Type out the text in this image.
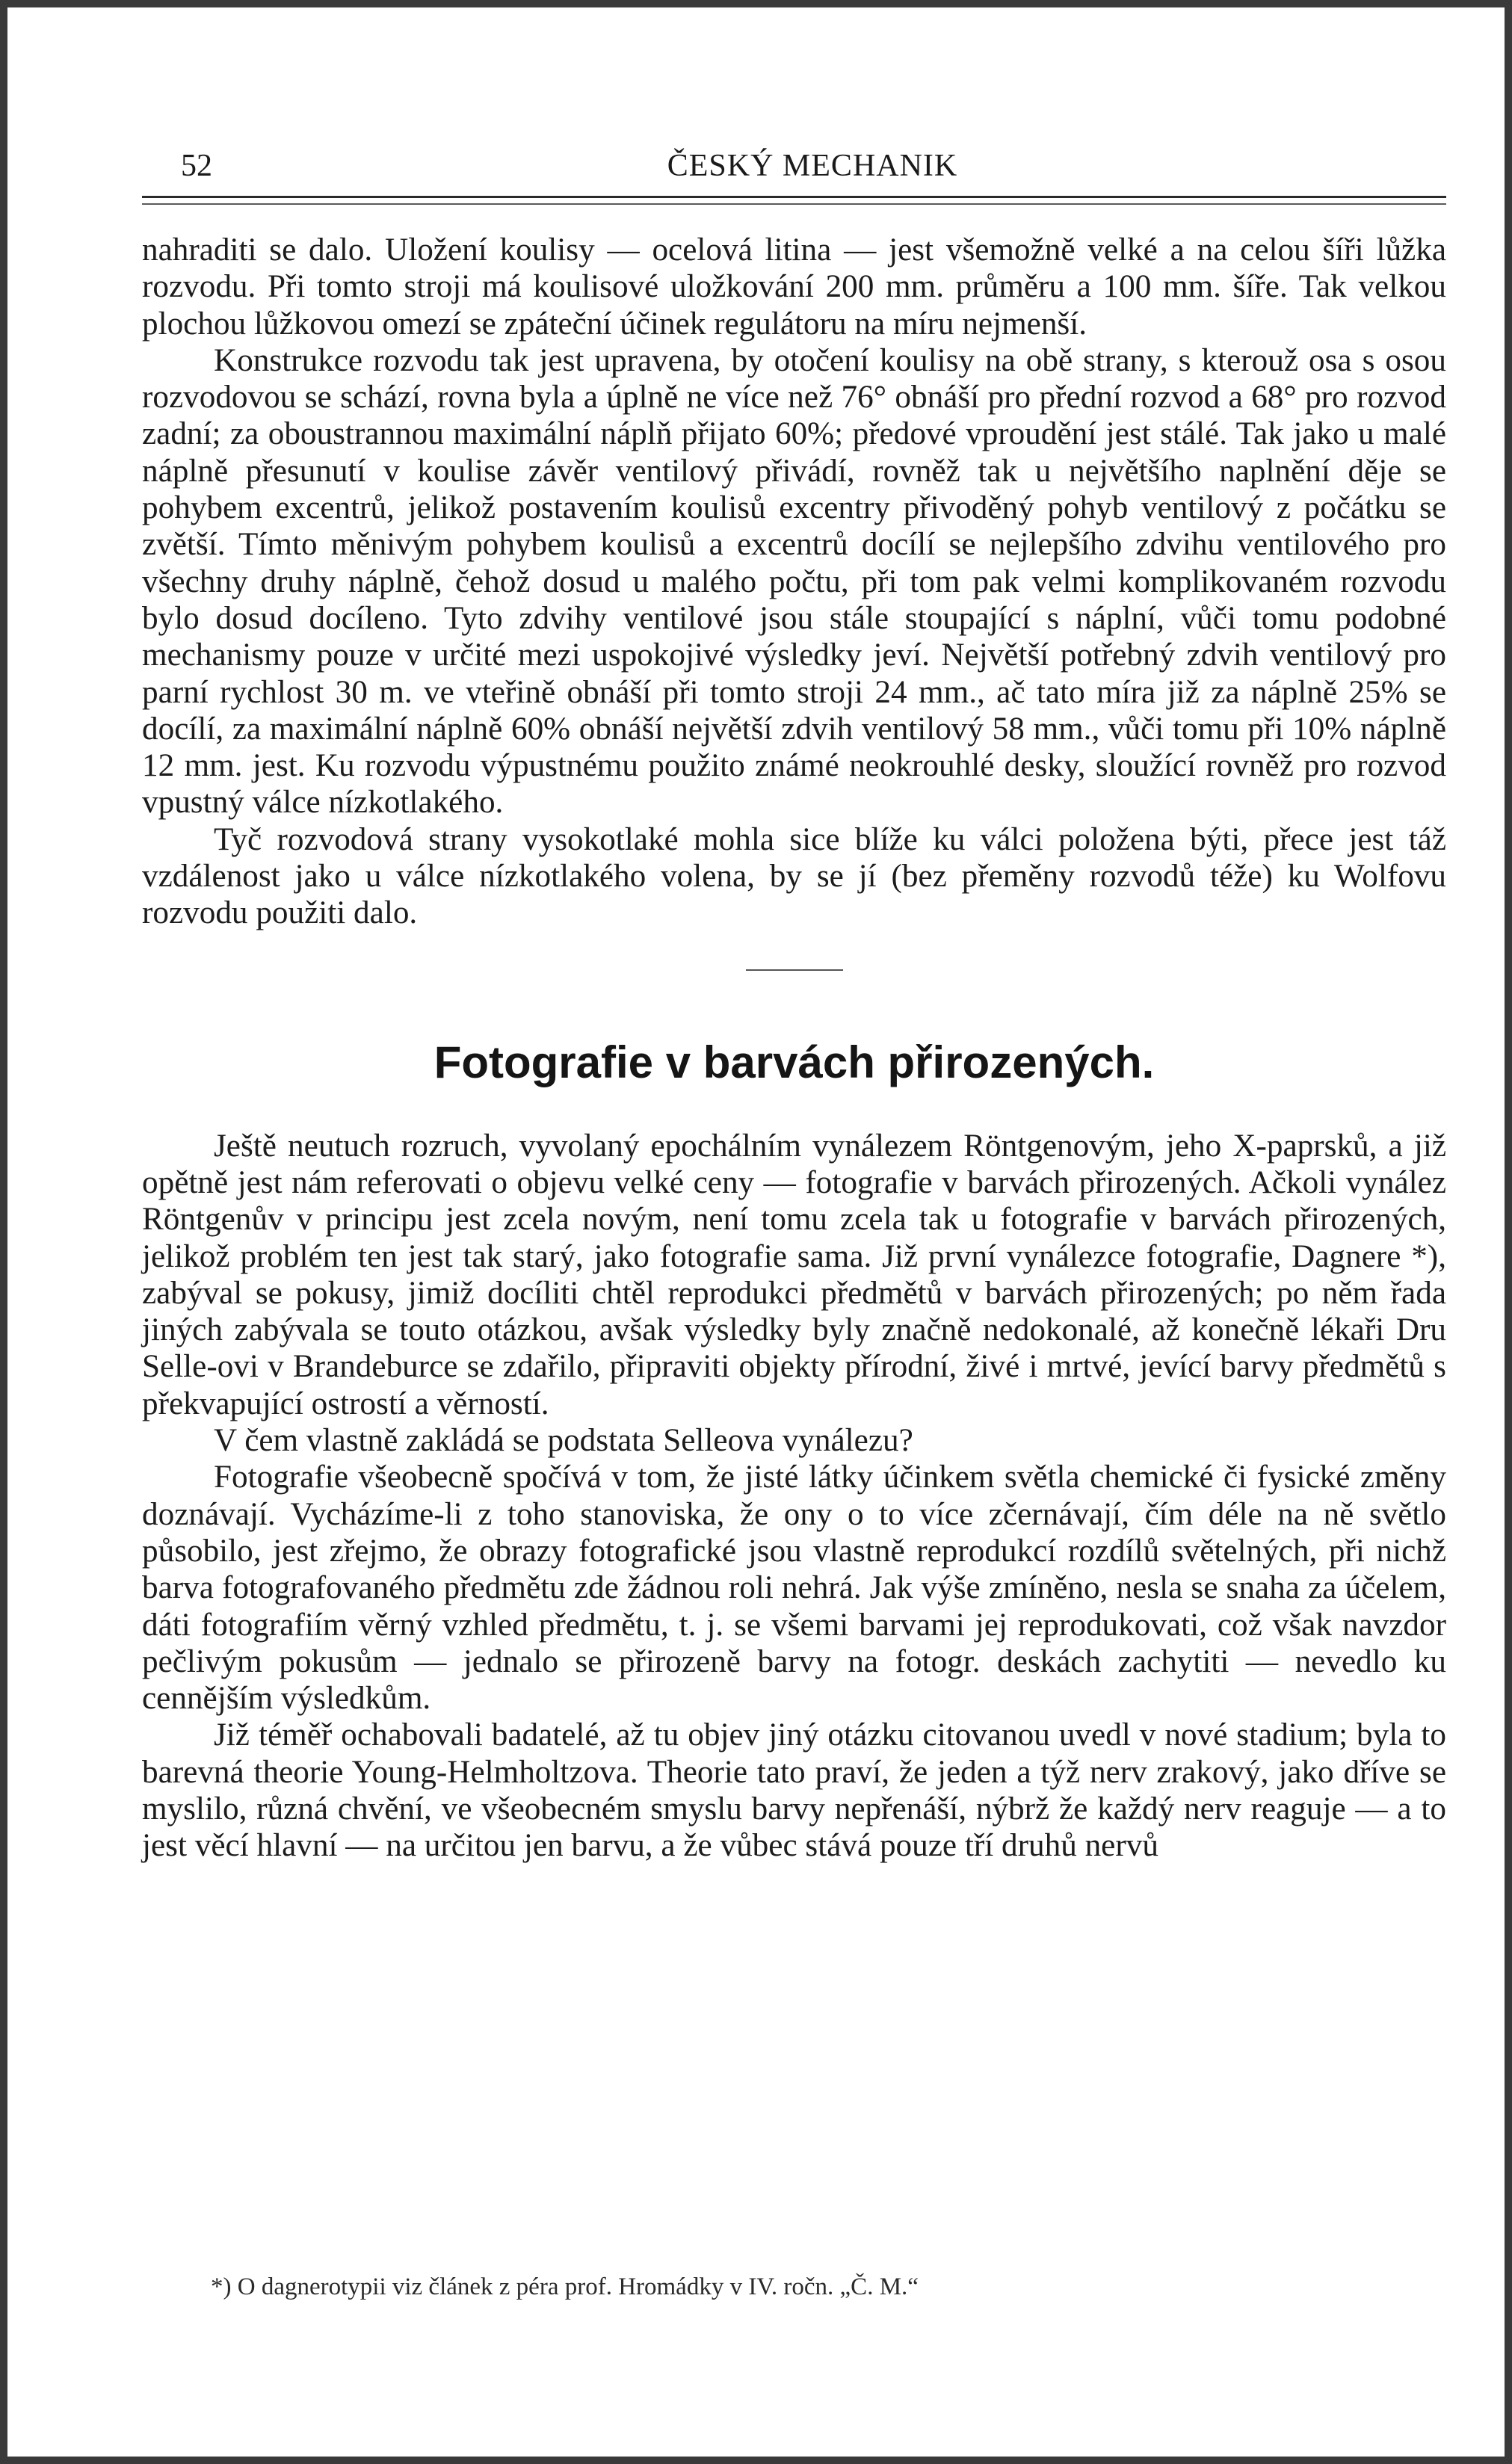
52	ČESKÝ MECHANIK

nahraditi se dalo. Uložení koulisy — ocelová litina — jest všemožně velké a na celou šíři lůžka rozvodu. Při tomto stroji má koulisové uložkování 200 mm. průměru a 100 mm. šíře. Tak velkou plochou lůžkovou omezí se zpáteční účinek regulátoru na míru nejmenší.

Konstrukce rozvodu tak jest upravena, by otočení koulisy na obě strany, s kterouž osa s osou rozvodovou se schází, rovna byla a úplně ne více než 76° obnáší pro přední rozvod a 68° pro rozvod zadní; za oboustrannou maximální náplň přijato 60%; předové vproudění jest stálé. Tak jako u malé náplně přesunutí v koulise závěr ventilový přivádí, rovněž tak u největšího naplnění děje se pohybem excentrů, jelikož postavením koulisů excentry přivoděný pohyb ventilový z počátku se zvětší. Tímto měnivým pohybem koulisů a excentrů docílí se nejlepšího zdvihu ventilového pro všechny druhy náplně, čehož dosud u malého počtu, při tom pak velmi komplikovaném rozvodu bylo dosud docíleno. Tyto zdvihy ventilové jsou stále stoupající s náplní, vůči tomu podobné mechanismy pouze v určité mezi uspokojivé výsledky jeví. Největší potřebný zdvih ventilový pro parní rychlost 30 m. ve vteřině obnáší při tomto stroji 24 mm., ač tato míra již za náplně 25% se docílí, za maximální náplně 60% obnáší největší zdvih ventilový 58 mm., vůči tomu při 10% náplně 12 mm. jest. Ku rozvodu výpustnému použito známé neokrouhlé desky, sloužící rovněž pro rozvod vpustný válce nízkotlakého.

Tyč rozvodová strany vysokotlaké mohla sice blíže ku válci položena býti, přece jest táž vzdálenost jako u válce nízkotlakého volena, by se jí (bez přeměny rozvodů téže) ku Wolfovu rozvodu použiti dalo.

Fotografie v barvách přirozených.

Ještě neutuch rozruch, vyvolaný epochálním vynálezem Röntgenovým, jeho X-paprsků, a již opětně jest nám referovati o objevu velké ceny — fotografie v barvách přirozených. Ačkoli vynález Röntgenův v principu jest zcela novým, není tomu zcela tak u fotografie v barvách přirozených, jelikož problém ten jest tak starý, jako fotografie sama. Již první vynálezce fotografie, Dagnere *), zabýval se pokusy, jimiž docíliti chtěl reprodukci předmětů v barvách přirozených; po něm řada jiných zabývala se touto otázkou, avšak výsledky byly značně nedokonalé, až konečně lékaři Dru Selle-ovi v Brandeburce se zdařilo, připraviti objekty přírodní, živé i mrtvé, jevící barvy předmětů s překvapující ostrostí a věrností.

V čem vlastně zakládá se podstata Selleova vynálezu?

Fotografie všeobecně spočívá v tom, že jisté látky účinkem světla chemické či fysické změny doznávají. Vycházíme-li z toho stanoviska, že ony o to více zčernávají, čím déle na ně světlo působilo, jest zřejmo, že obrazy fotografické jsou vlastně reprodukcí rozdílů světelných, při nichž barva fotografovaného předmětu zde žádnou roli nehrá. Jak výše zmíněno, nesla se snaha za účelem, dáti fotografiím věrný vzhled předmětu, t. j. se všemi barvami jej reprodukovati, což však navzdor pečlivým pokusům — jednalo se přirozeně barvy na fotogr. deskách zachytiti — nevedlo ku cennějším výsledkům.

Již téměř ochabovali badatelé, až tu objev jiný otázku citovanou uvedl v nové stadium; byla to barevná theorie Young-Helmholtzova. Theorie tato praví, že jeden a týž nerv zrakový, jako dříve se myslilo, různá chvění, ve všeobecném smyslu barvy nepřenáší, nýbrž že každý nerv reaguje — a to jest věcí hlavní — na určitou jen barvu, a že vůbec stává pouze tří druhů nervů

*) O dagnerotypii viz článek z péra prof. Hromádky v IV. ročn. „Č. M.“
